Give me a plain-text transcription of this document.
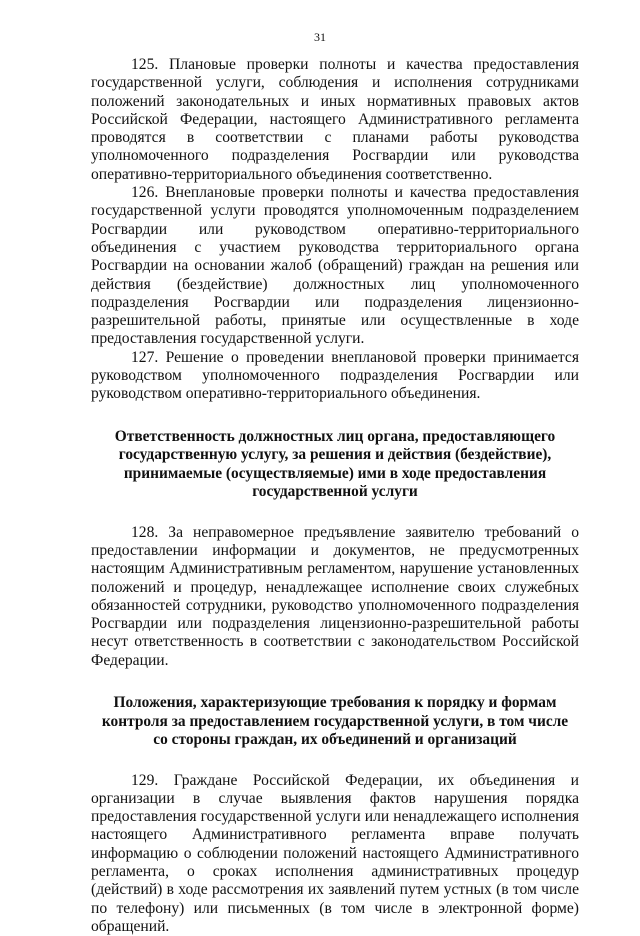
31

125. Плановые проверки полноты и качества предоставления государственной услуги, соблюдения и исполнения сотрудниками положений законодательных и иных нормативных правовых актов Российской Федерации, настоящего Административного регламента проводятся в соответствии с планами работы руководства уполномоченного подразделения Росгвардии или руководства оперативно-территориального объединения соответственно.

126. Внеплановые проверки полноты и качества предоставления государственной услуги проводятся уполномоченным подразделением Росгвардии или руководством оперативно-территориального объединения с участием руководства территориального органа Росгвардии на основании жалоб (обращений) граждан на решения или действия (бездействие) должностных лиц уполномоченного подразделения Росгвардии или подразделения лицензионно-разрешительной работы, принятые или осуществленные в ходе предоставления государственной услуги.

127. Решение о проведении внеплановой проверки принимается руководством уполномоченного подразделения Росгвардии или руководством оперативно-территориального объединения.

Ответственность должностных лиц органа, предоставляющего государственную услугу, за решения и действия (бездействие), принимаемые (осуществляемые) ими в ходе предоставления государственной услуги

128. За неправомерное предъявление заявителю требований о предоставлении информации и документов, не предусмотренных настоящим Административным регламентом, нарушение установленных положений и процедур, ненадлежащее исполнение своих служебных обязанностей сотрудники, руководство уполномоченного подразделения Росгвардии или подразделения лицензионно-разрешительной работы несут ответственность в соответствии с законодательством Российской Федерации.

Положения, характеризующие требования к порядку и формам контроля за предоставлением государственной услуги, в том числе со стороны граждан, их объединений и организаций

129. Граждане Российской Федерации, их объединения и организации в случае выявления фактов нарушения порядка предоставления государственной услуги или ненадлежащего исполнения настоящего Административного регламента вправе получать информацию о соблюдении положений настоящего Административного регламента, о сроках исполнения административных процедур (действий) в ходе рассмотрения их заявлений путем устных (в том числе по телефону) или письменных (в том числе в электронной форме) обращений.
